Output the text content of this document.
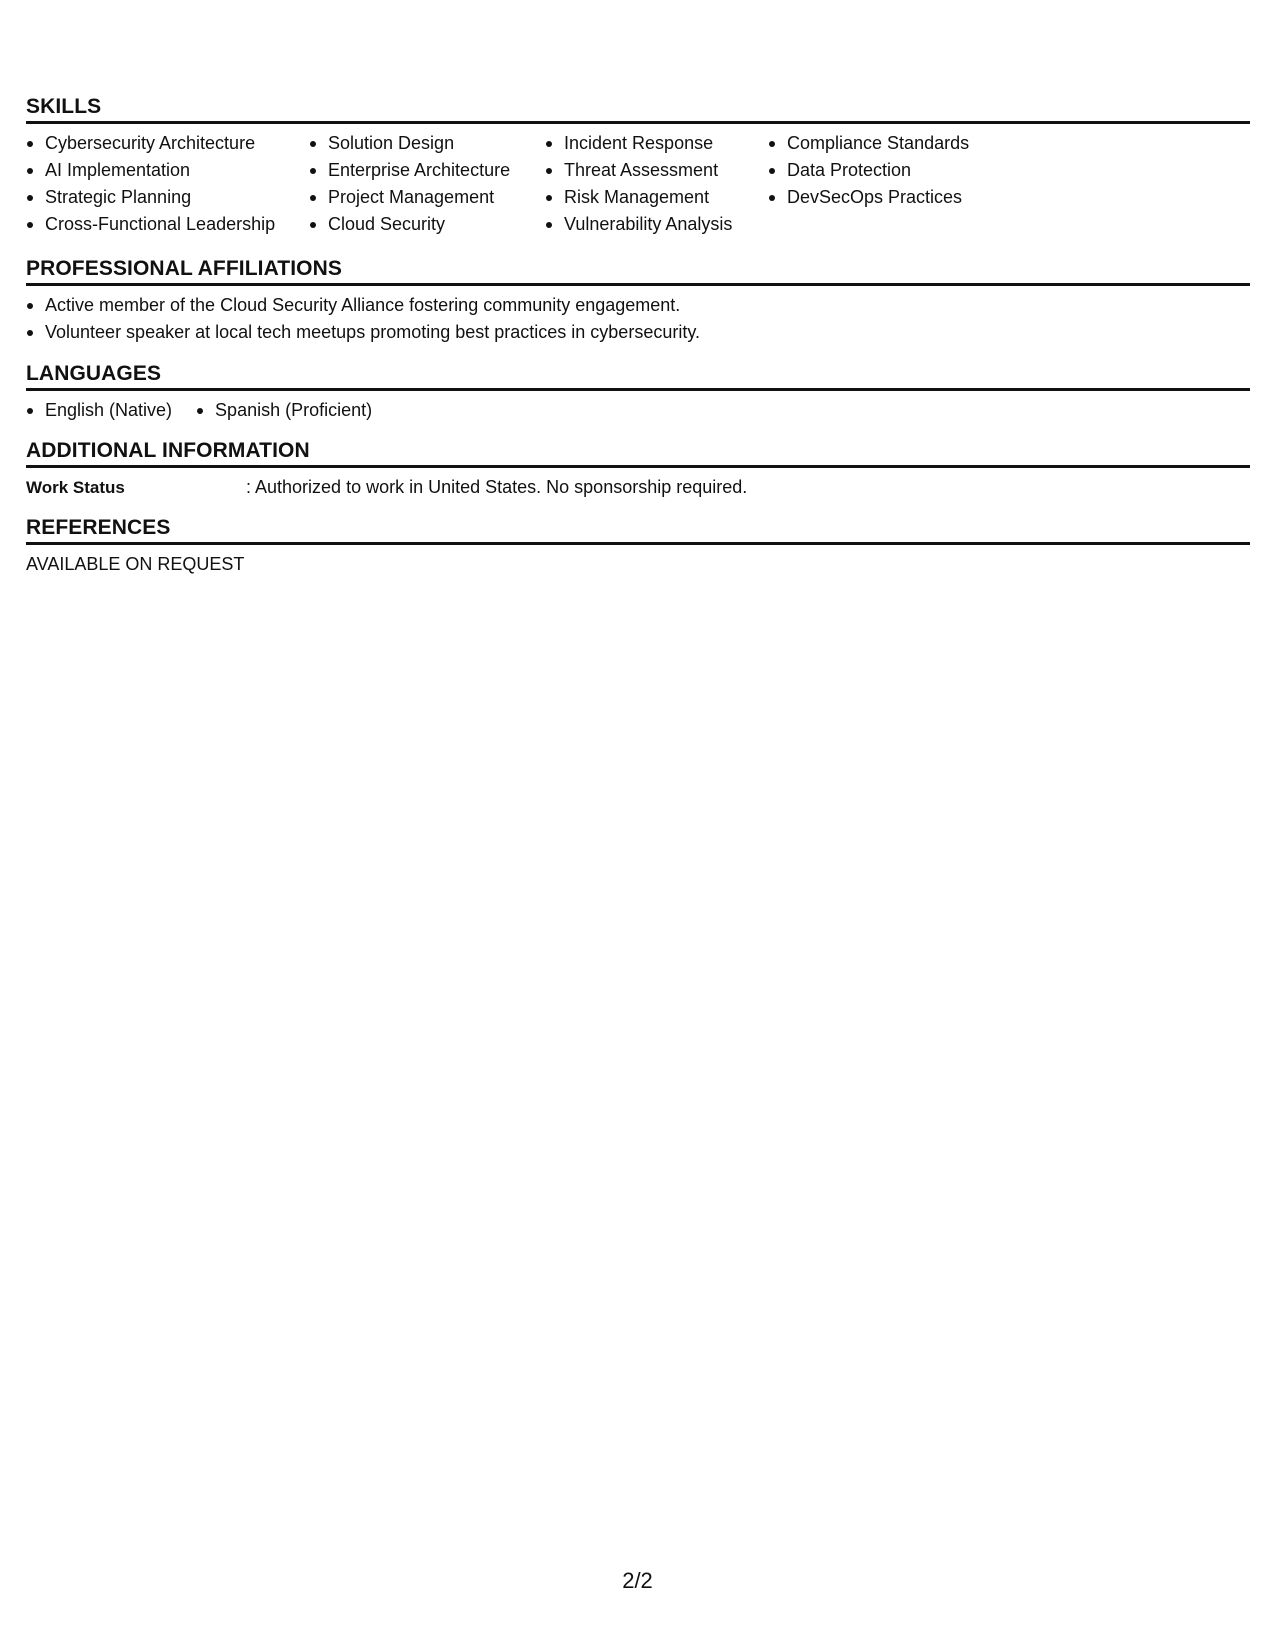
SKILLS
Cybersecurity Architecture
AI Implementation
Strategic Planning
Cross-Functional Leadership
Solution Design
Enterprise Architecture
Project Management
Cloud Security
Incident Response
Threat Assessment
Risk Management
Vulnerability Analysis
Compliance Standards
Data Protection
DevSecOps Practices
PROFESSIONAL AFFILIATIONS
Active member of the Cloud Security Alliance fostering community engagement.
Volunteer speaker at local tech meetups promoting best practices in cybersecurity.
LANGUAGES
English (Native)	Spanish (Proficient)
ADDITIONAL INFORMATION
Work Status	: Authorized to work in United States. No sponsorship required.
REFERENCES
AVAILABLE ON REQUEST
2/2
